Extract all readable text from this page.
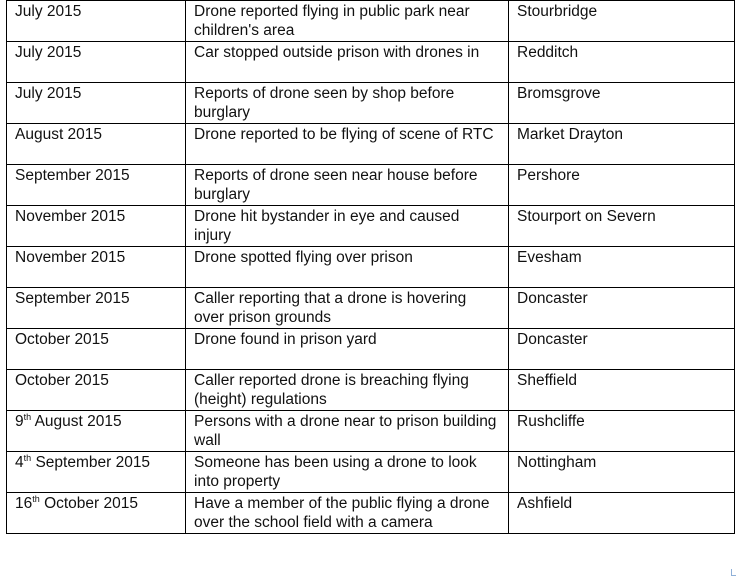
July 2015	Drone reported flying in public park near children's area	Stourbridge
July 2015	Car stopped outside prison with drones in	Redditch
July 2015	Reports of drone seen by shop before burglary	Bromsgrove
August 2015	Drone reported to be flying of scene of RTC	Market Drayton
September 2015	Reports of drone seen near house before burglary	Pershore
November 2015	Drone hit bystander in eye and caused injury	Stourport on Severn
November 2015	Drone spotted flying over prison	Evesham
September 2015	Caller reporting that a drone is hovering over prison grounds	Doncaster
October 2015	Drone found in prison yard	Doncaster
October 2015	Caller reported drone is breaching flying (height) regulations	Sheffield
9th August 2015	Persons with a drone near to prison building wall	Rushcliffe
4th September 2015	Someone has been using a drone to look into property	Nottingham
16th October 2015	Have a member of the public flying a drone over the school field with a camera	Ashfield
